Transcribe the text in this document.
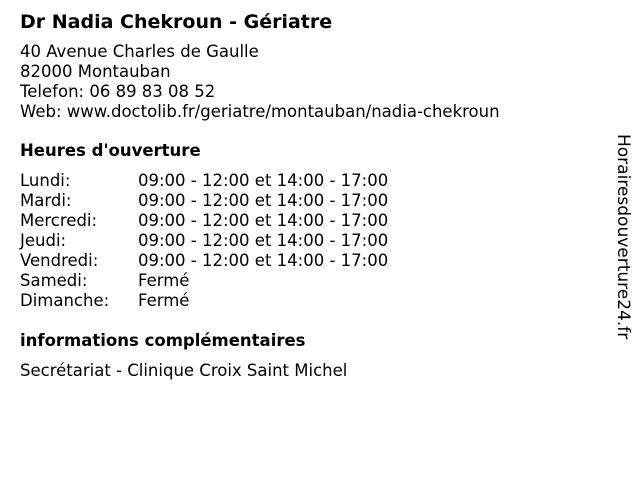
Dr Nadia Chekroun - Gériatre
40 Avenue Charles de Gaulle
82000 Montauban
Telefon: 06 89 83 08 52
Web: www.doctolib.fr/geriatre/montauban/nadia-chekroun
Heures d'ouverture
Lundi:	09:00 - 12:00 et 14:00 - 17:00
Mardi:	09:00 - 12:00 et 14:00 - 17:00
Mercredi:	09:00 - 12:00 et 14:00 - 17:00
Jeudi:	09:00 - 12:00 et 14:00 - 17:00
Vendredi:	09:00 - 12:00 et 14:00 - 17:00
Samedi:	Fermé
Dimanche:	Fermé
informations complémentaires
Secrétariat - Clinique Croix Saint Michel
Horairesdouverture24.fr
